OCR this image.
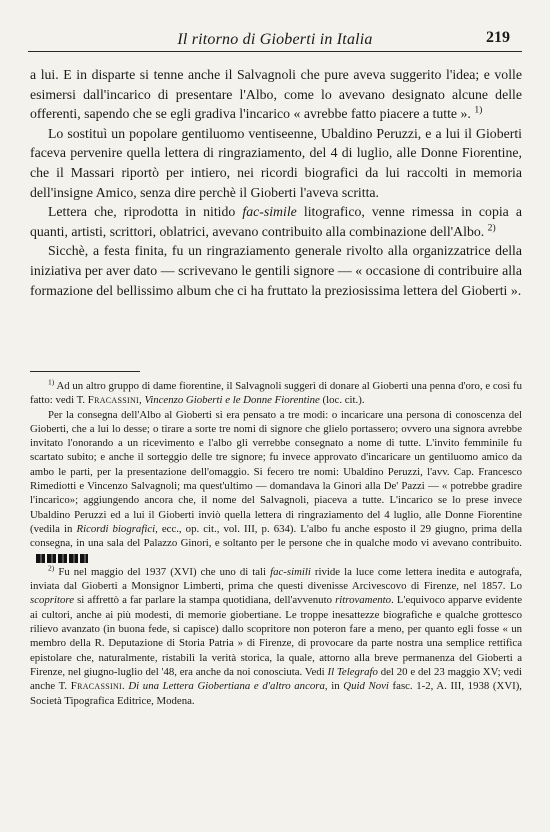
Il ritorno di Gioberti in Italia	219

a lui. E in disparte si tenne anche il Salvagnoli che pure aveva suggerito l'idea; e volle esimersi dall'incarico di presentare l'Albo, come lo avevano designato alcune delle offerenti, sapendo che se egli gradiva l'incarico « avrebbe fatto piacere a tutte ». $^{1)}$

Lo sostituì un popolare gentiluomo ventiseenne, Ubaldino Peruzzi, e a lui il Gioberti faceva pervenire quella lettera di ringraziamento, del 4 di luglio, alle Donne Fiorentine, che il Massari riportò per intiero, nei ricordi biografici da lui raccolti in memoria dell'insigne Amico, senza dire perchè il Gioberti l'aveva scritta.

Lettera che, riprodotta in nitido fac-simile litografico, venne rimessa in copia a quanti, artisti, scrittori, oblatrici, avevano contribuito alla combinazione dell'Albo. $^{2)}$

Sicchè, a festa finita, fu un ringraziamento generale rivolto alla organizzatrice della iniziativa per aver dato — scrivevano le gentili signore — « occasione di contribuire alla formazione del bellissimo album che ci ha fruttato la preziosissima lettera del Gioberti ».

$^{1)}$ Ad un altro gruppo di dame fiorentine, il Salvagnoli suggerì di donare al Gioberti una penna d'oro, e così fu fatto: vedi T. Fracassini, Vincenzo Gioberti e le Donne Fiorentine (loc. cit.).

Per la consegna dell'Albo al Gioberti si era pensato a tre modi: o incaricare una persona di conoscenza del Gioberti, che a lui lo desse; o tirare a sorte tre nomi di signore che glielo portassero; ovvero una signora avrebbe invitato l'onorando a un ricevimento e l'albo gli verrebbe consegnato a nome di tutte. L'invito femminile fu scartato subito; e anche il sorteggio delle tre signore; fu invece approvato d'incaricare un gentiluomo amico da ambo le parti, per la presentazione dell'omaggio. Si fecero tre nomi: Ubaldino Peruzzi, l'avv. Cap. Francesco Rimediotti e Vincenzo Salvagnoli; ma quest'ultimo — domandava la Ginori alla De' Pazzi — « potrebbe gradire l'incarico»; aggiungendo ancora che, il nome del Salvagnoli, piaceva a tutte. L'incarico se lo prese invece Ubaldino Peruzzi ed a lui il Gioberti inviò quella lettera di ringraziamento del 4 luglio, alle Donne Fiorentine (vedila in Ricordi biografici, ecc., op. cit., vol. III, p. 634). L'albo fu anche esposto il 29 giugno, prima della consegna, in una sala del Palazzo Ginori, e soltanto per le persone che in qualche modo vi avevano contribuito.

$^{2)}$ Fu nel maggio del 1937 (XVI) che uno di tali fac-simili rivide la luce come lettera inedita e autografa, inviata dal Gioberti a Monsignor Limberti, prima che questi divenisse Arcivescovo di Firenze, nel 1857. Lo scopritore si affrettò a far parlare la stampa quotidiana, dell'avvenuto ritrovamento. L'equivoco apparve evidente ai cultori, anche ai più modesti, di memorie giobertiane. Le troppe inesattezze biografiche e qualche grottesco rilievo avanzato (in buona fede, si capisce) dallo scopritore non poteron fare a meno, per quanto egli fosse « un membro della R. Deputazione di Storia Patria » di Firenze, di provocare da parte nostra una semplice rettifica epistolare che, naturalmente, ristabilì la verità storica, la quale, attorno alla breve permanenza del Gioberti a Firenze, nel giugno-luglio del '48, era anche da noi conosciuta. Vedi Il Telegrafo del 20 e del 23 maggio XV; vedi anche T. Fracassini. Di una Lettera Giobertiana e d'altro ancora, in Quid Novi fasc. 1-2, A. III, 1938 (XVI), Società Tipografica Editrice, Modena.
